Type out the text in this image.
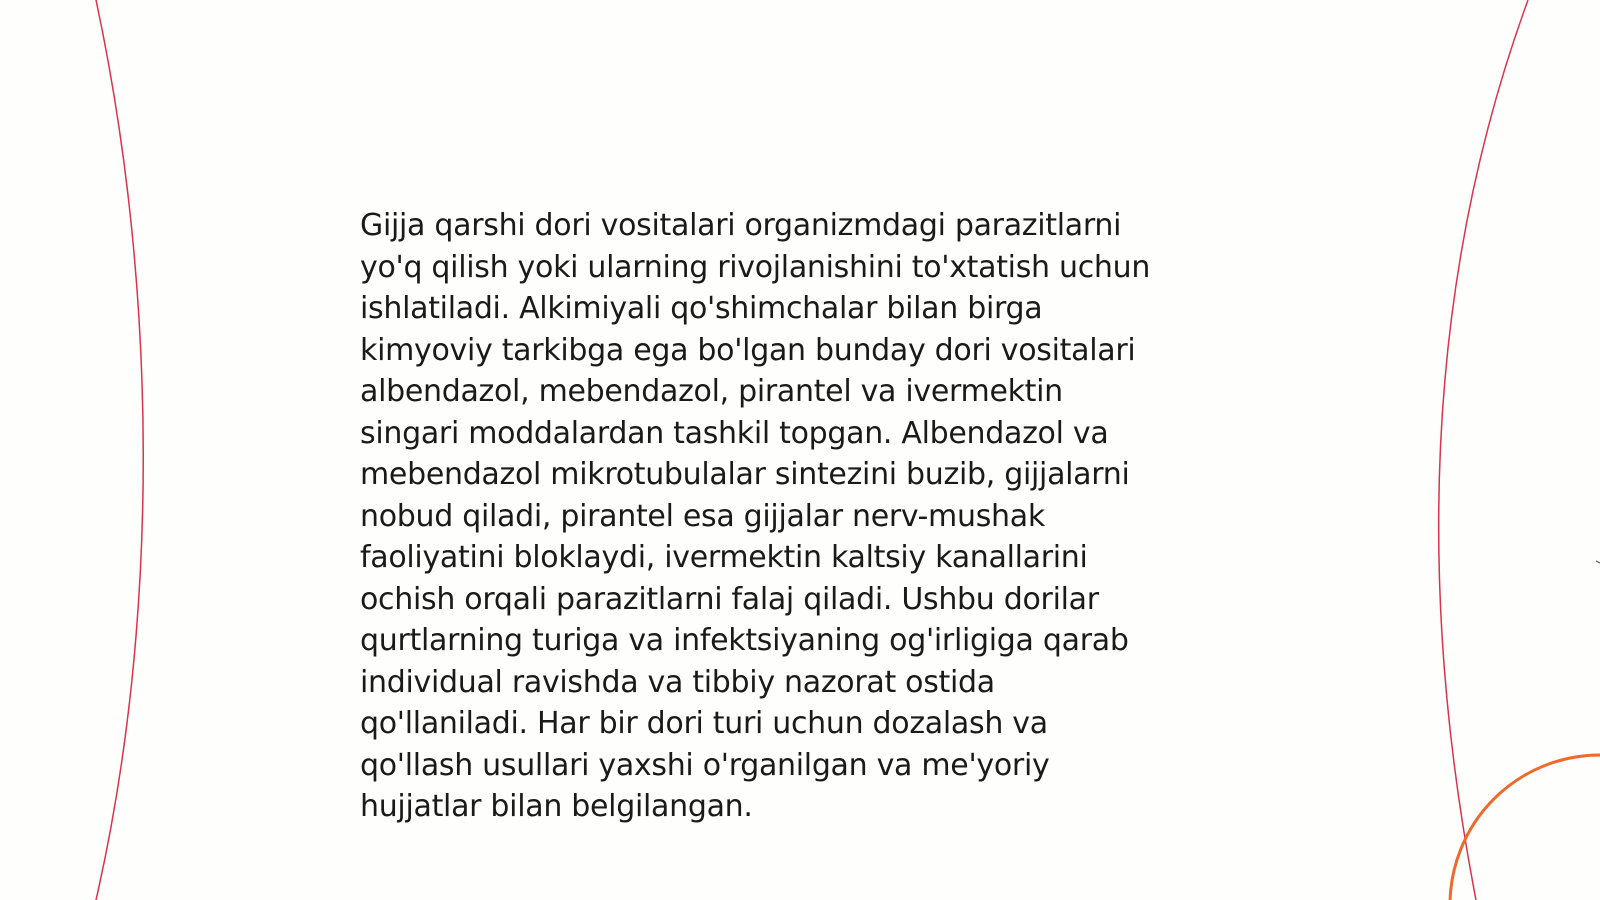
Gijja qarshi dori vositalari organizmdagi parazitlarni
yo'q qilish yoki ularning rivojlanishini to'xtatish uchun
ishlatiladi. Alkimiyali qo'shimchalar bilan birga
kimyoviy tarkibga ega bo'lgan bunday dori vositalari
albendazol, mebendazol, pirantel va ivermektin
singari moddalardan tashkil topgan. Albendazol va
mebendazol mikrotubulalar sintezini buzib, gijjalarni
nobud qiladi, pirantel esa gijjalar nerv-mushak
faoliyatini bloklaydi, ivermektin kaltsiy kanallarini
ochish orqali parazitlarni falaj qiladi. Ushbu dorilar
qurtlarning turiga va infektsiyaning og'irligiga qarab
individual ravishda va tibbiy nazorat ostida
qo'llaniladi. Har bir dori turi uchun dozalash va
qo'llash usullari yaxshi o'rganilgan va me'yoriy
hujjatlar bilan belgilangan.
